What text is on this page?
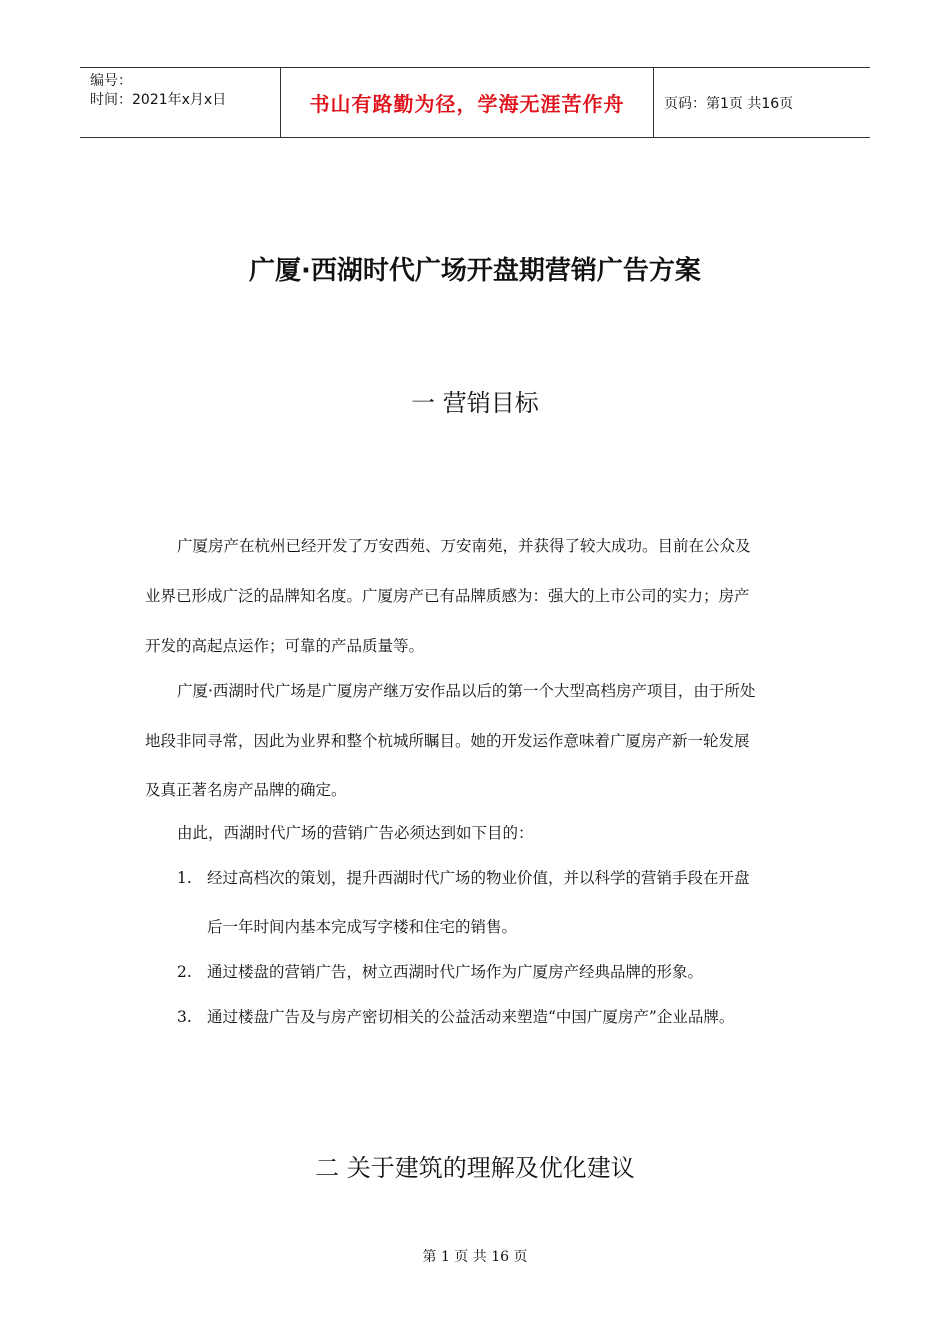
编号：
时间：2021年x月x日	书山有路勤为径，学海无涯苦作舟	页码：第1页 共16页
广厦·西湖时代广场开盘期营销广告方案
一 营销目标
广厦房产在杭州已经开发了万安西苑、万安南苑，并获得了较大成功。目前在公众及
业界已形成广泛的品牌知名度。广厦房产已有品牌质感为：强大的上市公司的实力；房产
开发的高起点运作；可靠的产品质量等。
广厦·西湖时代广场是广厦房产继万安作品以后的第一个大型高档房产项目，由于所处
地段非同寻常，因此为业界和整个杭城所瞩目。她的开发运作意味着广厦房产新一轮发展
及真正著名房产品牌的确定。
由此，西湖时代广场的营销广告必须达到如下目的：
1. 经过高档次的策划，提升西湖时代广场的物业价值，并以科学的营销手段在开盘
后一年时间内基本完成写字楼和住宅的销售。
2. 通过楼盘的营销广告，树立西湖时代广场作为广厦房产经典品牌的形象。
3. 通过楼盘广告及与房产密切相关的公益活动来塑造“中国广厦房产”企业品牌。
二 关于建筑的理解及优化建议
第 1 页 共 16 页
